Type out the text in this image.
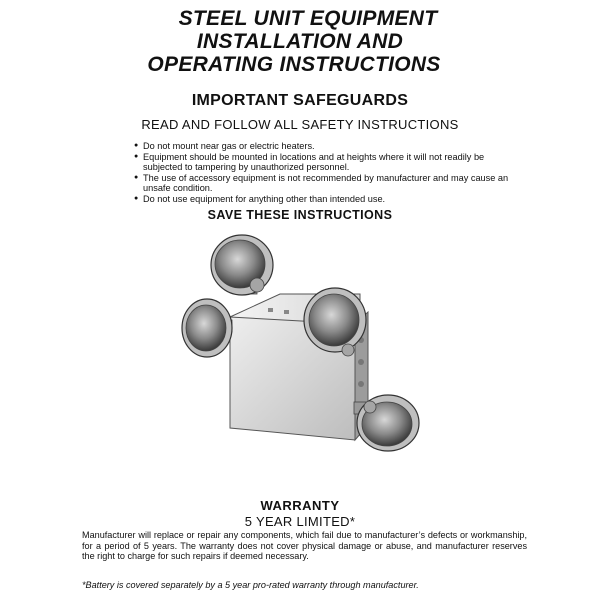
STEEL UNIT EQUIPMENT
INSTALLATION AND
OPERATING INSTRUCTIONS
IMPORTANT SAFEGUARDS
READ AND FOLLOW ALL SAFETY INSTRUCTIONS
● Do not mount near gas or electric heaters.
● Equipment should be mounted in locations and at heights where it will not readily be subjected to tampering by unauthorized personnel.
● The use of accessory equipment is not recommended by manufacturer and may cause an unsafe condition.
● Do not use equipment for anything other than intended use.
SAVE THESE INSTRUCTIONS
WARRANTY
5 YEAR LIMITED*
Manufacturer will replace or repair any components, which fail due to manufacturer’s defects or workmanship, for a period of 5 years. The warranty does not cover physical damage or abuse, and manufacturer reserves the right to charge for such repairs if deemed necessary.
*Battery is covered separately by a 5 year pro-rated warranty through manufacturer.
